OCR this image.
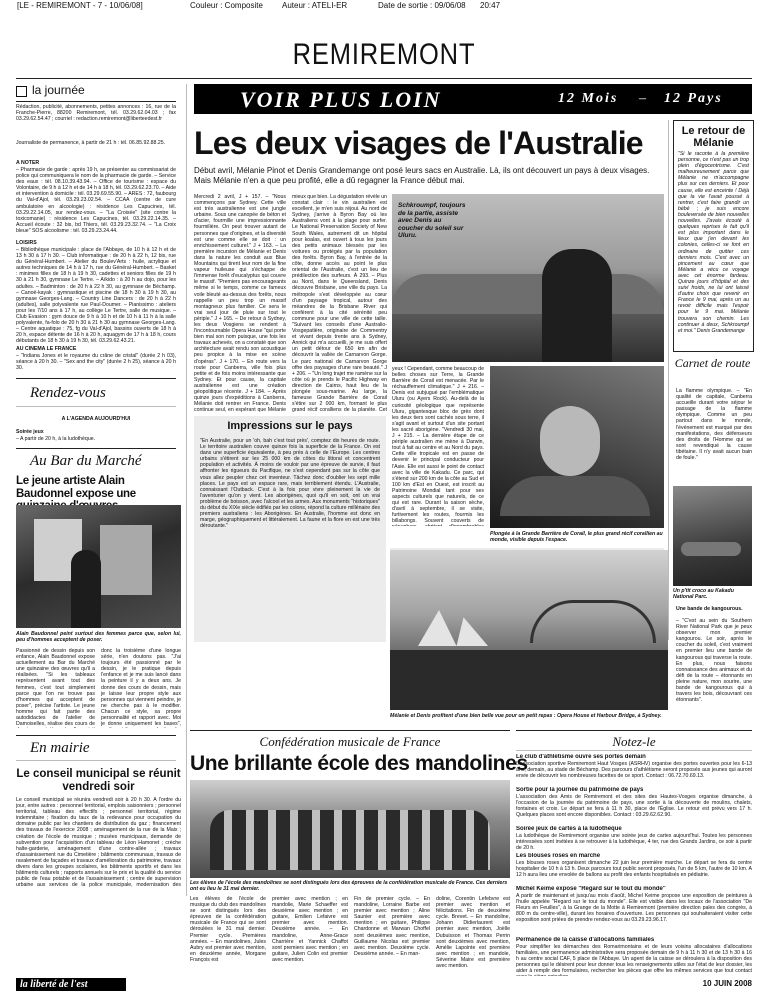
[LE - REMIREMONT - 7 - 10/06/08]	Couleur : Composite Auteur : ATELI-ER	Date de sortie : 09/06/08 20:47
REMIREMONT
la journée

Rédaction, publicité, abonnements, petites annonces : 16, rue de la Franche-Pierre, 88200 Remiremont, tél. 03.29.62.04.03 ; fax 03.29.62.54.47 ; courriel : redaction.remiremont@liberteedest.fr

Journaliste de permanence, à partir de 21 h : tél. 06.85.92.88.25.

A NOTER

– Pharmacie de garde : après 19 h, se présenter au commissariat de police qui communiquera le nom de la pharmacie de garde. – Service des eaux : tél. 08.10.39.43.94. – Office de tourisme : espace du Volontaire, de 9 h à 12 h et de 14 h à 18 h, tél. 03.29.62.23.70. – Aide et intervention à domicile : tél. 03.29.69.55.90. – ARES : 72, faubourg du Val-d'Ajol, tél. 03.29.23.02.54. – CCAA (centre de cure ambulatoire en alcoologie) : résidence Les Capucines, tél. 03.29.22.14.05, sur rendez-vous. – "La Croisée" (site contre la toxicomanie) : résidence Les Capucines, tél. 03.29.22.14.35. – Accueil écoute : 32 bis, bd Thiers, tél. 03.29.23.32.74. – "La Croix bleue" SOS alcoolisme : tél. 03.29.23.24.44.

LOISIRS

– Bibliothèque municipale : place de l'Abbaye, de 10 h à 12 h et de 13 h 30 à 17 h 30. – Club informatique : de 20 h à 22 h, 12 bis, rue du Général-Humbert. – Atelier du Boulev'Arts : huile, acrylique et autres techniques de 14 h à 17 h, rue du Général-Humbert. – Basket : minimes filles de 18 h à 19 h 30, cadettes et seniors filles de 19 h 30 à 21 h 30, gymnase Le Tertre. – Aïkido : à 20 h au dojo, pour les adultes. – Badminton : de 20 h à 22 h 30, au gymnase de Béchamp. – Canoë-kayak : gymnastique et piscine de 18 h 30 à 19 h 30, au gymnase Georges-Lang. – Country Line Dancers : de 20 h à 22 h (adultes), salle polyvalente rue Paul-Doumer. – Pianissimo : ateliers pour les 7/10 ans à 17 h, au collège Le Tertre, salle de musique. – Club Evasion : gym douce de 9 h à 10 h et de 10 h à 11 h à la salle polyvalente, fa-folo de 20 h 30 à 21 h 30 au gymnase Georges-Lang. – Centre aquatique : 75, fg du Val-d'Ajol, bassins ouverts de 18 h à 20 h, espace détente de 16 h à 20 h, aquagym de 17 h à 18 h, cours débutants de 18 h 30 à 19 h 30, tél. 03.29.62.43.21.

AU CINÉMA LE FRANCE

– "Indiana Jones et le royaume du crâne de cristal" (durée 2 h 03), séance à 20 h 30. – "Sex and the city" (durée 2 h 25), séance à 20 h 30.

Rendez-vous

A L'AGENDA AUJOURD'HUI

Soirée jeux

– A partir de 20 h, à la ludothèque.

Au Bar du Marché
Le jeune artiste Alain Baudonnel expose une

Alain Baudonnel peint surtout des femmes parce que, selon lui, peu d'hommes acceptent de poser.

Passionné de dessin depuis son enfance, Alain Baudonnel expose actuellement au Bar du Marché une quinzaine des œuvres qu'il a réalisées. "Si les tableaux représentent avant tout des femmes, c'est tout simplement parce que l'on ne trouve pas d'hommes qui acceptent de poser", précise l'artiste. Le jeune homme qui fait partie des autodidactes de l'atelier de Damoiselles, réalise des cours de

donc la troisième d'une longue série, n'en doutons pas. "J'ai toujours été passionné par le dessin, je le pratique depuis l'enfance et je me suis lancé dans la peinture il y a deux ans. Je donne des cours de dessin, mais je laisse leur propre style aux personnes qui viennent peindre, je ne cherche pas à le modifier. Chacun ce style, sa propre personnalité et rapport avec. Moi je donne uniquement les bases",

En mairie
Le conseil municipal se réunit vendredi soir

Le conseil municipal se réunira vendredi soir à 20 h 30. A l'ordre du jour, entre autres : personnel territorial, emplois saisonniers ; personnel territorial, tableau des effectifs ; personnel territorial, régime indemnitaire ; fixation du taux de la redevance pour occupation du domaine public par les chantiers de distribution du gaz ; financement des travaux de l'exercice 2008 ; aménagement de la rue de la Maix ; création de l'école de musique ; musées municipaux, demande de subvention pour l'acquisition d'un tableau de Léon Hamonet ; crèche halte-garderie, aménagement d'une contre-allée ; travaux d'assainissement rue du Cimetière ; bâtiments communaux, travaux de ravalement de façades et travaux d'amélioration du patrimoine, travaux divers dans les groupes scolaires, les bâtiments sportifs et dans les bâtiments culturels ; rapports annuels sur le prix et la qualité du service public de l'eau potable et de l'assainissement ; centre de supervision urbaine aux services de la police municipale, modernisation des

VOIR PLUS LOIN	12 Mois – 12 Pays
Les deux visages de l'Australie

Début avril, Mélanie Pinot et Denis Grandemange ont posé leurs sacs en Australie. Là, ils ont découvert un pays à deux visages. Mais Mélanie n'en a que peu profité, elle a dû regagner la France début mai.

Mercredi 2 avril, J + 157. – "Nous commençons par Sydney. Cette ville est très australienne est une jungle urbaine. Sous une canopée de béton et d'acier, fourmille une impressionnante fourmilière. On peut trouver autant de personnes que d'origines, et la diversité est une comme elle se doit : un enrichissement culturel." J + 163. – La première incursion de Mélanie et Denis dans la nature les conduit aux Blue Mountains qui tirent leur nom de la fine vapeur huileuse qui s'échappe de l'immense forêt d'eucalyptus qui couvre le massif. "Premiers pas encourageants même si le temps, comme ce fameux voile bleuté au-dessus des forêts, nous rappelle un peu trop un massif montagneux plus familier. Ce sera le vrai seul jour de pluie sur tout le périple." J + 165. – De retour à Sydney, les deux Vosgiens se rendent à l'incontournable Opera House "qui porte bien mal son nom puisque, une fois les travaux achevés, on a constaté que son architecture avait rendu son acoustique peu propice à la mise en scène d'opéras". J + 170. – En route vers la route pour Canberra, ville fois plus petite et de fois moins intéressante que Sydney. Et pour cause, la capitale australienne est une création géopolitique récente. J + 184. – Après quinze jours d'expéditions à Canberra, Mélanie doit rentrer en France. Denis continue seul, en espérant que Mélanie

mieux que bien. La dégustation révèle un constat clair : le vin australien est excellent, je m'en suis réjoui. Au nord de Sydney, j'arrive à Byron Bay où les Australiens vont à la plage pour surfer. Le National Preservation Society of New South Wales, autrement dit un hôpital pour koalas, est ouvert à tous les jours des petits animaux blessés par les voitures ou protégés par la population des forêts. Byron Bay, à l'entrée de la côte, donne accès au point le plus oriental de l'Australie, c'est un lieu de prédilection des surfeurs. À 293. – Plus au Nord, dans le Queensland, Denis découvre Brisbane, une ville du pays. La métropole s'est développée au cœur d'un paysage tropical, autour des méandres de la Brisbane River qui confèrent à la cité sérénité peu commune pour une ville de cette taille. "Suivant les conseils d'une Australio-Vosgepatière, originaire de Commentry et vivant depuis trente ans à Sydney, Annick qui m'a accueilli, je me suis offert un petit détour de 650 km afin de découvrir la vallée de Carnarvon Gorge. Le parc national de Carnarvon Gorge offre des paysages d'une rare beauté." J + 206. – "Un long trajet me ramène sur la côte où je prends le Pacific Highway en direction de Cairns, haut lieu de la plongée sous-marine. Au large, la fameuse Grande Barrière de Corail s'étire sur 2 000 km, formant le plus grand récif coralliens de la planète. Cet

Schkroumpf, toujours de la partie, assiste avec Denis au coucher du soleil sur Uluru.

yeux ! Cependant, comme beaucoup de belles choses sur Terre, la Grande Barrière de Corail est menacée. Par le réchauffement climatique." J + 216. – Denis est subjugué par l'emblématique Uluru (ou Ayers Rock). Au-delà de la curiosité géologique que représente Uluru, gigantesque bloc de grès dont les deux tiers sont cachés sous terre, il s'agit avant et surtout d'un site portant les sacré aborigène. "Vendredi 30 mai, J + 215. – La dernière étape de ce périple australien me mène à Darwin, tout à fait au centre et au Nord du pays. Cette ville tropicale est en passe de devenir le principal conducteur pour l'Asie. Elle est aussi le point de contact avec la ville de Kakadu. Ce parc, qui s'étend sur 200 km de la côte au Sud et 100 km d'Est en Ouest, est inscrit au Patrimoine Mondial tant pour ses aspects culturels que naturels, de ce qui est rare. Durant la saison sèche, d'avril à septembre, il se visite, furtivement les routes, fourmis les billabongs. Souvent couverts de

Plongée à la Grande Barrière de Corail, le plus grand récif corallien au monde, visible depuis l'espace.

Impressions sur le pays

"En Australie, pour un 'oh, bah c'est tout près', comptez dix heures de route. Le territoire australien couvre quinze fois la superficie de la France. On est dans une superficie équivalente, à peu près à celle de l'Europe. Les centres urbains s'étirent sur les 25 000 km de côtes du littoral et concentrent population et activités. À moins de vouloir par une épreuve de survie, il faut affronter les rigueurs du Pacifique, ne s'est cependant pas sur la côte que vous allez peupler chez cet inventeur. Tâchez donc d'oublier les sept mille places. Le pays est un espace rare, mais terriblement étendu. L'Australie, connaissant l'Outback. C'est à la fois pour vivre pleinement la vie de l'aventurier qu'on y vient. Les aborigènes, quoi qu'il en soit, ont un vrai problème de boisson, avec l'alcool et les armes. Aux monuments "historiques" du début du XIXe siècle édifiés par les colons, répond la culture millénaire des premiers australiens : les Aborigènes. En Australie, l'homme est donc en marge, géographiquement et littéralement. La faune et la flore en est une très déroutante."

Mélanie et Denis profitent d'une bien belle vue pour un petit repas : Opera House et Harbour Bridge, à Sydney.

Le retour de Mélanie

"Si le raconte à la première personne, ce n'est pas un trop plein d'égocentrisme. C'est malheureusement parce que Mélanie ne m'accompagne plus sur ces derniers. Et pour cause, elle est enceinte ! Déjà que la vie l'avait poussé à rentrer, c'est faire grandir un bébé ; je suis encore bouleversée de bien nouvelles nouvelles. J'avais écouté à quelques reprises le fait qu'il est plus important dans le lieux que j'en devant les colonies, celles-ci se font en ordinaire de quitter ces derniers mois. C'est avec un pincement au cœur que Mélanie a vécu ce voyage avec cet énorme fardeau. Quinze jours d'hôpital et des suivi froids, ne lui ont laissé d'autre choix que revenir en France le 9 mai, après un au revoir difficile mais l'espoir pour le 9 mai. Mélanie trouvera son chemin. Les continuer à deux, Schkroumpf et moi." Denis Grandemange

Carnet de route

La flamme olympique. – "En qualité de capitale, Canberra accueille durant votre séjour le passage de la flamme olympique. Comme un peu partout dans le monde, l'événement est marqué par des manifestations, des défenseurs des droits de l'Homme qui se sont revendiqué la cause tibétaine. Il n'y avait aucun bain de foule."

Un p'tit croco au Kakadu National Parc.

Une bande de kangourous.

– "C'est au sein du Southern River National Park que je peux observer mon premier kangourou. Le soir, après le coucher du soleil, c'est vraiment en premier lieu une bande de kangourous qui traverse la route. En plus, nous faisons connaissance des animaux et du défi de la route – étonnants en pleine nature, mon sourire, une bande de kangourous qui à travers les bois, découvrant ces étonnants".

Confédération musicale de France
Une brillante école des mandolines

Les élèves de l'école des mandolines se sont distingués lors des épreuves de la confédération musicale de France. Ces derniers ont eu lieu le 31 mai dernier.

Les élèves de l'école de musique du club des mandolines se sont distingués lors des épreuves de la confédération musicale de France qui se sont déroulées le 31 mai dernier. Premier cycle. Premières années. – En mandolines, Jules Aubry est premier avec mention, en deuxième année, Morgane François est

premier avec mention ; en mandolie, Marie Schaeffer est deuxième avec mention ; en guitare, Emilien Lefaivre est premier avec mention. Deuxième année. – En mandoline, Anne-Grace Charrière et Yannick Chaffot sont premiers avec mention ; en guitare, Julien Colin est premier avec mention.

Fin de premier cycle. – En mandoline, Lorraine Barbe est premier avec mention ; Aline Saunier est première avec mention ; en guitare, Philippe Chardonne et Marwan Choffel sont deuxièmes avec mention, Guillaume Nicolas est premier avec mention. Deuxième cycle. Deuxième année. – En man-

doline, Corentin Lefebvre est premier avec mention et félicitations. Fin de deuxième cycle. Brevet. – En mandoline, Johann Didierlaurent est premier avec mention, Joëlle Dubuisson et Thomas Perrin sont deuxièmes avec mention, Amélie Lapointe est première avec mention ; en mandole, Séverine Maire est première avec mention.

Notez-le

Le club d'athlétisme ouvre ses portes demain

L'association sportive Remiremont Haut Vosges (ASRHV) organise des portes ouvertes pour les 6-13 ans, demain, au stade de Béchamp. Des parcours d'athlétisme seront proposés aux jeunes qui auront envie de découvrir les nombreuses facettes de ce sport. Contact : 06.72.70.69.13.

Sortie pour la journée du patrimoine de pays

L'association des Amis de Remiremont et des sites des Hautes-Vosges organise dimanche, à l'occasion de la journée du patrimoine de pays, une sortie à la découverte de moulins, chalets, fontaines et croix. Le départ se fera à 11 h 30, place de l'Église. Le retour est prévu vers 17 h. Quelques places sont encore disponibles. Contact : 03.29.62.62.90.

Soirée jeux de cartes à la ludothèque

La ludothèque de Remiremont organise une soirée jeux de cartes aujourd'hui. Toutes les personnes intéressées sont invitées à se retrouver à la ludothèque, 4 ter, rue des Grands Jardins, ce soir à partir de 20 h.

Les blouses roses en marche

Les blouses roses organisent dimanche 22 juin leur première marche. Le départ se fera du centre hospitalier de 10 h à 13 h. Deux parcours tout public seront proposés, l'un de 5 km, l'autre de 10 km. A 12 h aura lieu une envolée de ballons au profit des enfants hospitalisés en pédiatrie.

Michel Keime expose "Regard sur le tout du monde"

A partir de maintenant et jusqu'au mois d'août, Michel Keime propose une exposition de peintures à l'huile appelée "Regard sur le tout du monde". Elle est visible dans les locaux de l'association "De Fleurs en Feuilles", à la Grange de la Motte à Remiremont (première direction pales des congrès, à 800 m du centre-ville), durant les horaires d'ouverture. Les personnes qui souhaiteraient visiter cette exposition sont priées de prendre rendez-vous au 03.29.23.96.17.

Permanence de la caisse d'allocations familiales

Pour simplifier les démarches des Romarimontains et de leurs voisins allocataires d'allocations familiales, une permanence administrative sera proposée demain de 9 h à 11 h 30 et de 13 h 30 à 16 h au centre social CAF, 5 place de l'Abbaye. Un agent de la caisse se déroulera à la disposition des personnes qui le désirent pour leur donner tous les renseignements utiles sur l'état de leur dossier, les aider à remplir des formulaires, rechercher les pièces que offre les mêmes services que tout contact

la liberté de l'est	10 JUIN 2008
